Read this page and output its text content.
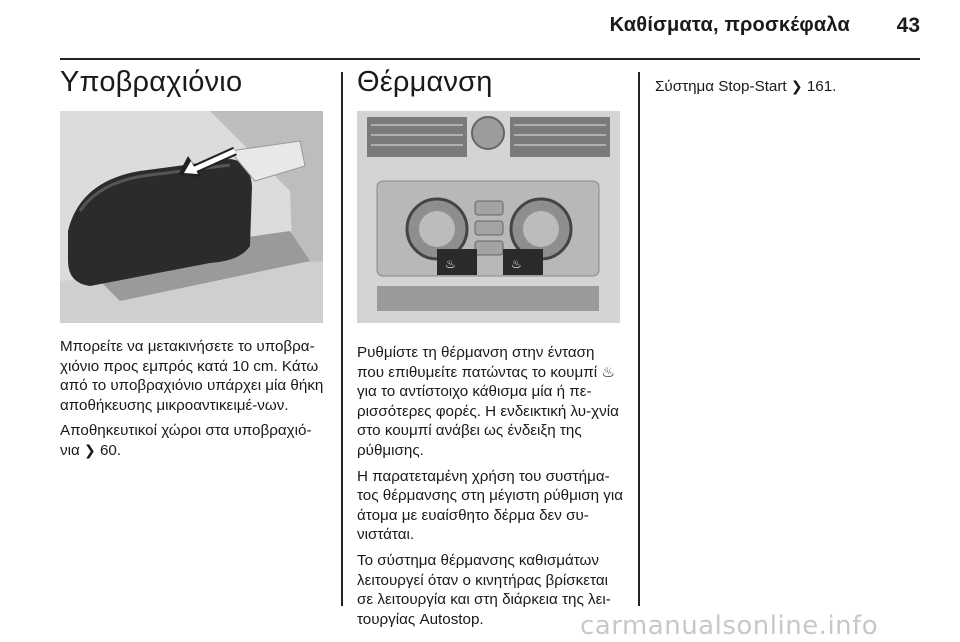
Καθίσματα, προσκέφαλα	43
Υποβραχιόνιο

Μπορείτε να μετακινήσετε το υποβρα-χιόνιο προς εμπρός κατά 10 cm. Κάτω από το υποβραχιόνιο υπάρχει μία θήκη αποθήκευσης μικροαντικειμέ-νων.

Αποθηκευτικοί χώροι στα υποβραχιό-νια ❯ 60.

Θέρμανση
♨	♨

Ρυθμίστε τη θέρμανση στην ένταση που επιθυμείτε πατώντας το κουμπί ♨ για το αντίστοιχο κάθισμα μία ή πε-ρισσότερες φορές. Η ενδεικτική λυ-χνία στο κουμπί ανάβει ως ένδειξη της ρύθμισης.

Η παρατεταμένη χρήση του συστήμα-τος θέρμανσης στη μέγιστη ρύθμιση για άτομα με ευαίσθητο δέρμα δεν συ-νιστάται.

Το σύστημα θέρμανσης καθισμάτων λειτουργεί όταν ο κινητήρας βρίσκεται σε λειτουργία και στη διάρκεια της λει-τουργίας Autostop.

Σύστημα Stop-Start ❯ 161.
carmanualsonline.info
